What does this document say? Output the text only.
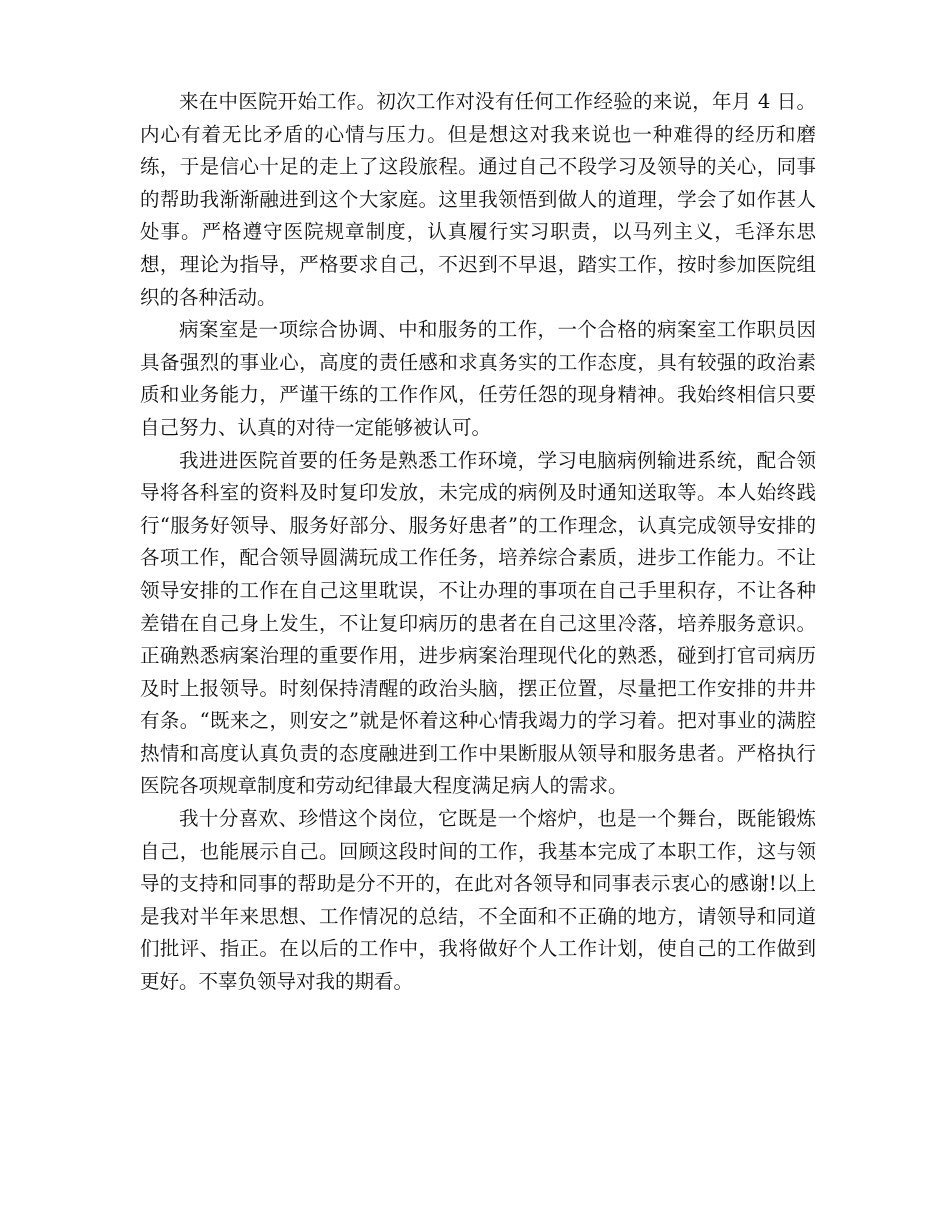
来在中医院开始工作。初次工作对没有任何工作经验的来说，年月 4 日。内心有着无比矛盾的心情与压力。但是想这对我来说也一种难得的经历和磨练，于是信心十足的走上了这段旅程。通过自己不段学习及领导的关心，同事的帮助我渐渐融进到这个大家庭。这里我领悟到做人的道理，学会了如作甚人处事。严格遵守医院规章制度，认真履行实习职责，以马列主义，毛泽东思想，理论为指导，严格要求自己，不迟到不早退，踏实工作，按时参加医院组织的各种活动。

病案室是一项综合协调、中和服务的工作，一个合格的病案室工作职员因具备强烈的事业心，高度的责任感和求真务实的工作态度，具有较强的政治素质和业务能力，严谨干练的工作作风，任劳任怨的现身精神。我始终相信只要自己努力、认真的对待一定能够被认可。

我进进医院首要的任务是熟悉工作环境，学习电脑病例输进系统，配合领导将各科室的资料及时复印发放，未完成的病例及时通知送取等。本人始终践行“服务好领导、服务好部分、服务好患者”的工作理念，认真完成领导安排的各项工作，配合领导圆满玩成工作任务，培养综合素质，进步工作能力。不让领导安排的工作在自己这里耽误，不让办理的事项在自己手里积存，不让各种差错在自己身上发生，不让复印病历的患者在自己这里冷落，培养服务意识。正确熟悉病案治理的重要作用，进步病案治理现代化的熟悉，碰到打官司病历及时上报领导。时刻保持清醒的政治头脑，摆正位置，尽量把工作安排的井井有条。“既来之，则安之”就是怀着这种心情我竭力的学习着。把对事业的满腔热情和高度认真负责的态度融进到工作中果断服从领导和服务患者。严格执行医院各项规章制度和劳动纪律最大程度满足病人的需求。

我十分喜欢、珍惜这个岗位，它既是一个熔炉，也是一个舞台，既能锻炼自己，也能展示自己。回顾这段时间的工作，我基本完成了本职工作，这与领导的支持和同事的帮助是分不开的，在此对各领导和同事表示衷心的感谢!以上是我对半年来思想、工作情况的总结，不全面和不正确的地方，请领导和同道们批评、指正。在以后的工作中，我将做好个人工作计划，使自己的工作做到更好。不辜负领导对我的期看。
